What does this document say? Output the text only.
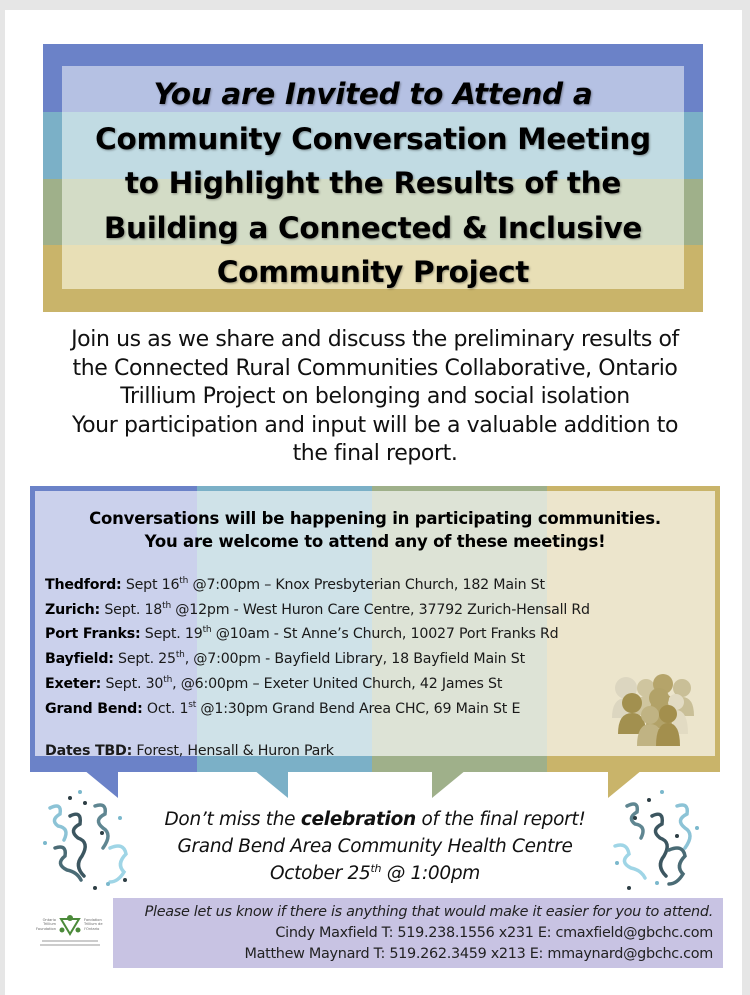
You are Invited to Attend a
Community Conversation Meeting
to Highlight the Results of the
Building a Connected & Inclusive
Community Project
Join us as we share and discuss the preliminary results of
the Connected Rural Communities Collaborative, Ontario
Trillium Project on belonging and social isolation
Your participation and input will be a valuable addition to
the final report.
Conversations will be happening in participating communities.
You are welcome to attend any of these meetings!
Thedford: Sept 16th @7:00pm – Knox Presbyterian Church, 182 Main St
Zurich: Sept. 18th @12pm - West Huron Care Centre, 37792 Zurich-Hensall Rd
Port Franks: Sept. 19th @10am - St Anne’s Church, 10027 Port Franks Rd
Bayfield: Sept. 25th, @7:00pm - Bayfield Library, 18 Bayfield Main St
Exeter: Sept. 30th, @6:00pm – Exeter United Church, 42 James St
Grand Bend: Oct. 1st @1:30pm Grand Bend Area CHC, 69 Main St E
Dates TBD: Forest, Hensall & Huron Park
Don’t miss the celebration of the final report!
Grand Bend Area Community Health Centre
October 25th @ 1:00pm
Ontario Trillium Foundation
Fondation Trillium de l'Ontario
Please let us know if there is anything that would make it easier for you to attend.
Cindy Maxfield T: 519.238.1556 x231 E: cmaxfield@gbchc.com
Matthew Maynard T: 519.262.3459 x213 E: mmaynard@gbchc.com
